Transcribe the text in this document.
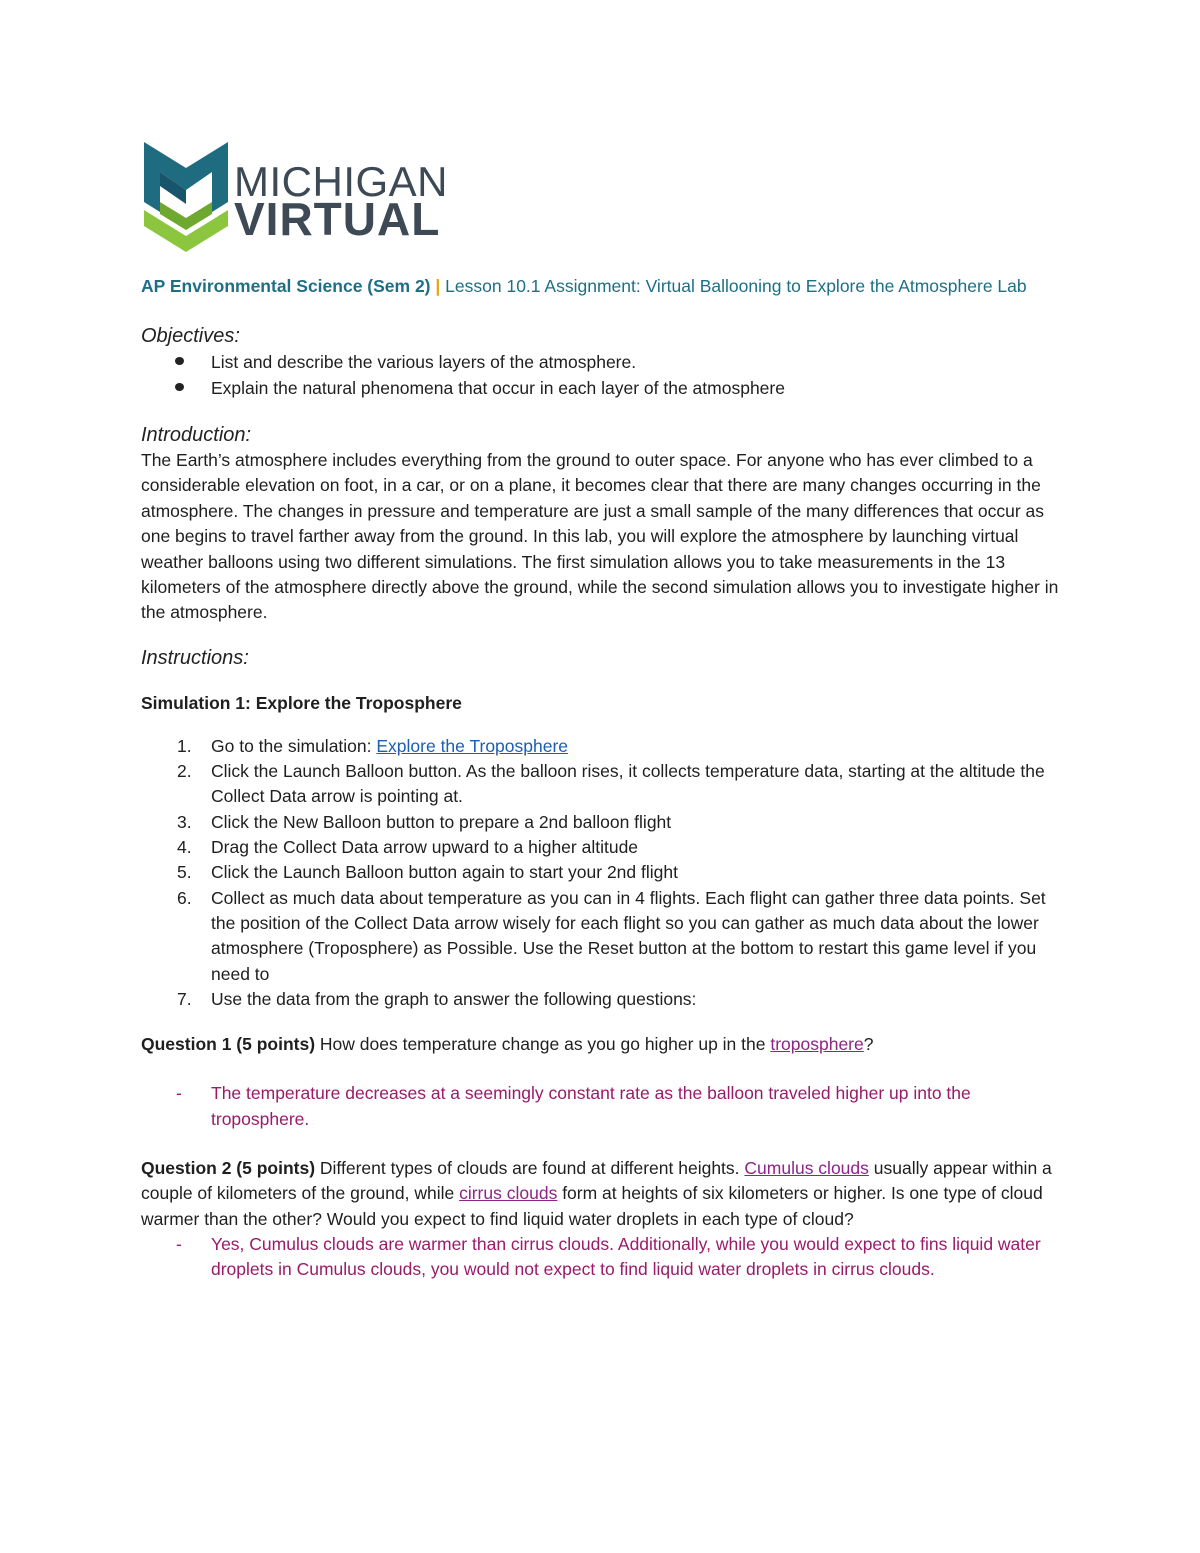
MICHIGAN
VIRTUAL

AP Environmental Science (Sem 2) | Lesson 10.1 Assignment: Virtual Ballooning to Explore the Atmosphere Lab

Objectives:

List and describe the various layers of the atmosphere.
Explain the natural phenomena that occur in each layer of the atmosphere

Introduction:

The Earth’s atmosphere includes everything from the ground to outer space. For anyone who has ever climbed to a considerable elevation on foot, in a car, or on a plane, it becomes clear that there are many changes occurring in the atmosphere. The changes in pressure and temperature are just a small sample of the many differences that occur as one begins to travel farther away from the ground. In this lab, you will explore the atmosphere by launching virtual weather balloons using two different simulations. The first simulation allows you to take measurements in the 13 kilometers of the atmosphere directly above the ground, while the second simulation allows you to investigate higher in the atmosphere.

Instructions:

Simulation 1: Explore the Troposphere

1. Go to the simulation: Explore the Troposphere
2. Click the Launch Balloon button. As the balloon rises, it collects temperature data, starting at the altitude the Collect Data arrow is pointing at.
3. Click the New Balloon button to prepare a 2nd balloon flight
4. Drag the Collect Data arrow upward to a higher altitude
5. Click the Launch Balloon button again to start your 2nd flight
6. Collect as much data about temperature as you can in 4 flights. Each flight can gather three data points. Set the position of the Collect Data arrow wisely for each flight so you can gather as much data about the lower atmosphere (Troposphere) as Possible. Use the Reset button at the bottom to restart this game level if you need to
7. Use the data from the graph to answer the following questions:

Question 1 (5 points) How does temperature change as you go higher up in the troposphere?

- The temperature decreases at a seemingly constant rate as the balloon traveled higher up into the troposphere.

Question 2 (5 points) Different types of clouds are found at different heights. Cumulus clouds usually appear within a couple of kilometers of the ground, while cirrus clouds form at heights of six kilometers or higher. Is one type of cloud warmer than the other? Would you expect to find liquid water droplets in each type of cloud?

- Yes, Cumulus clouds are warmer than cirrus clouds. Additionally, while you would expect to fins liquid water droplets in Cumulus clouds, you would not expect to find liquid water droplets in cirrus clouds.
